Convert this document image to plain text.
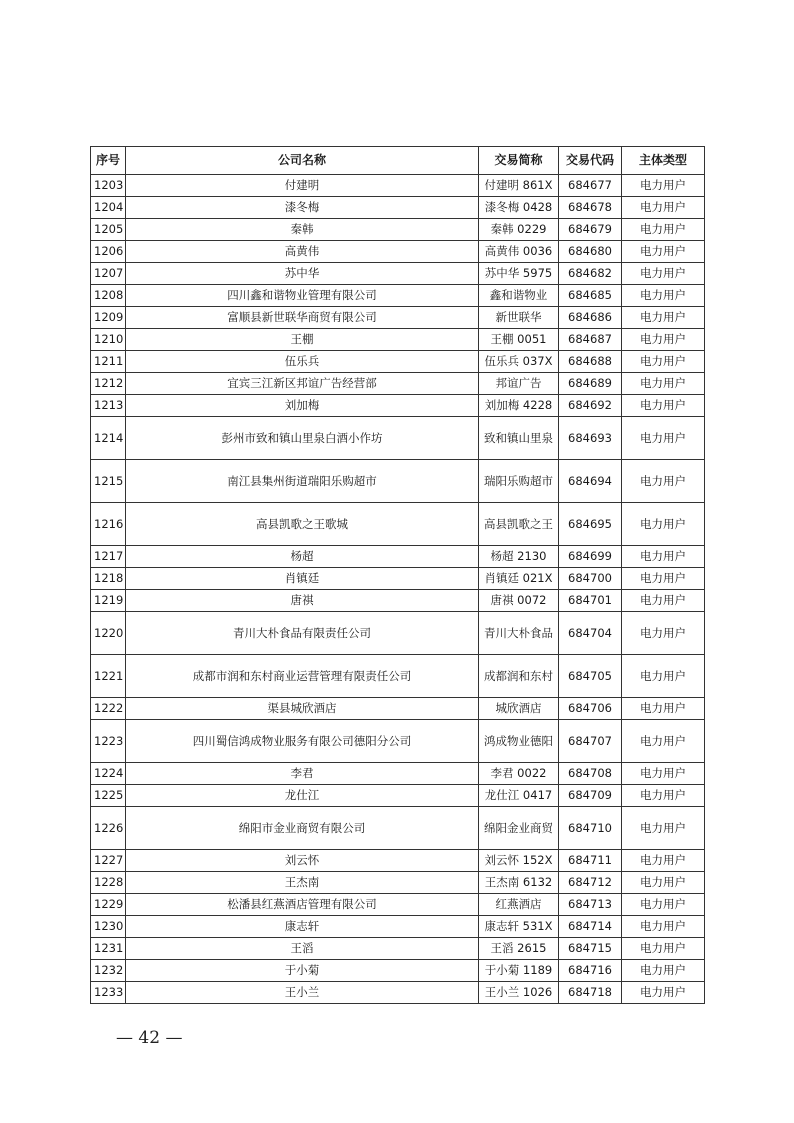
序号	公司名称	交易简称	交易代码	主体类型
1203	付建明	付建明 861X	684677	电力用户
1204	漆冬梅	漆冬梅 0428	684678	电力用户
1205	秦韩	秦韩 0229	684679	电力用户
1206	高黄伟	高黄伟 0036	684680	电力用户
1207	苏中华	苏中华 5975	684682	电力用户
1208	四川鑫和谐物业管理有限公司	鑫和谐物业	684685	电力用户
1209	富顺县新世联华商贸有限公司	新世联华	684686	电力用户
1210	王棚	王棚 0051	684687	电力用户
1211	伍乐兵	伍乐兵 037X	684688	电力用户
1212	宜宾三江新区邦谊广告经营部	邦谊广告	684689	电力用户
1213	刘加梅	刘加梅 4228	684692	电力用户
1214	彭州市致和镇山里泉白酒小作坊	致和镇山里泉	684693	电力用户
1215	南江县集州街道瑞阳乐购超市	瑞阳乐购超市	684694	电力用户
1216	高县凯歌之王歌城	高县凯歌之王	684695	电力用户
1217	杨超	杨超 2130	684699	电力用户
1218	肖镇廷	肖镇廷 021X	684700	电力用户
1219	唐祺	唐祺 0072	684701	电力用户
1220	青川大朴食品有限责任公司	青川大朴食品	684704	电力用户
1221	成都市润和东村商业运营管理有限责任公司	成都润和东村	684705	电力用户
1222	渠县城欣酒店	城欣酒店	684706	电力用户
1223	四川蜀信鸿成物业服务有限公司德阳分公司	鸿成物业德阳	684707	电力用户
1224	李君	李君 0022	684708	电力用户
1225	龙仕江	龙仕江 0417	684709	电力用户
1226	绵阳市金业商贸有限公司	绵阳金业商贸	684710	电力用户
1227	刘云怀	刘云怀 152X	684711	电力用户
1228	王杰南	王杰南 6132	684712	电力用户
1229	松潘县红燕酒店管理有限公司	红燕酒店	684713	电力用户
1230	康志轩	康志轩 531X	684714	电力用户
1231	王滔	王滔 2615	684715	电力用户
1232	于小菊	于小菊 1189	684716	电力用户
1233	王小兰	王小兰 1026	684718	电力用户
— 42 —
